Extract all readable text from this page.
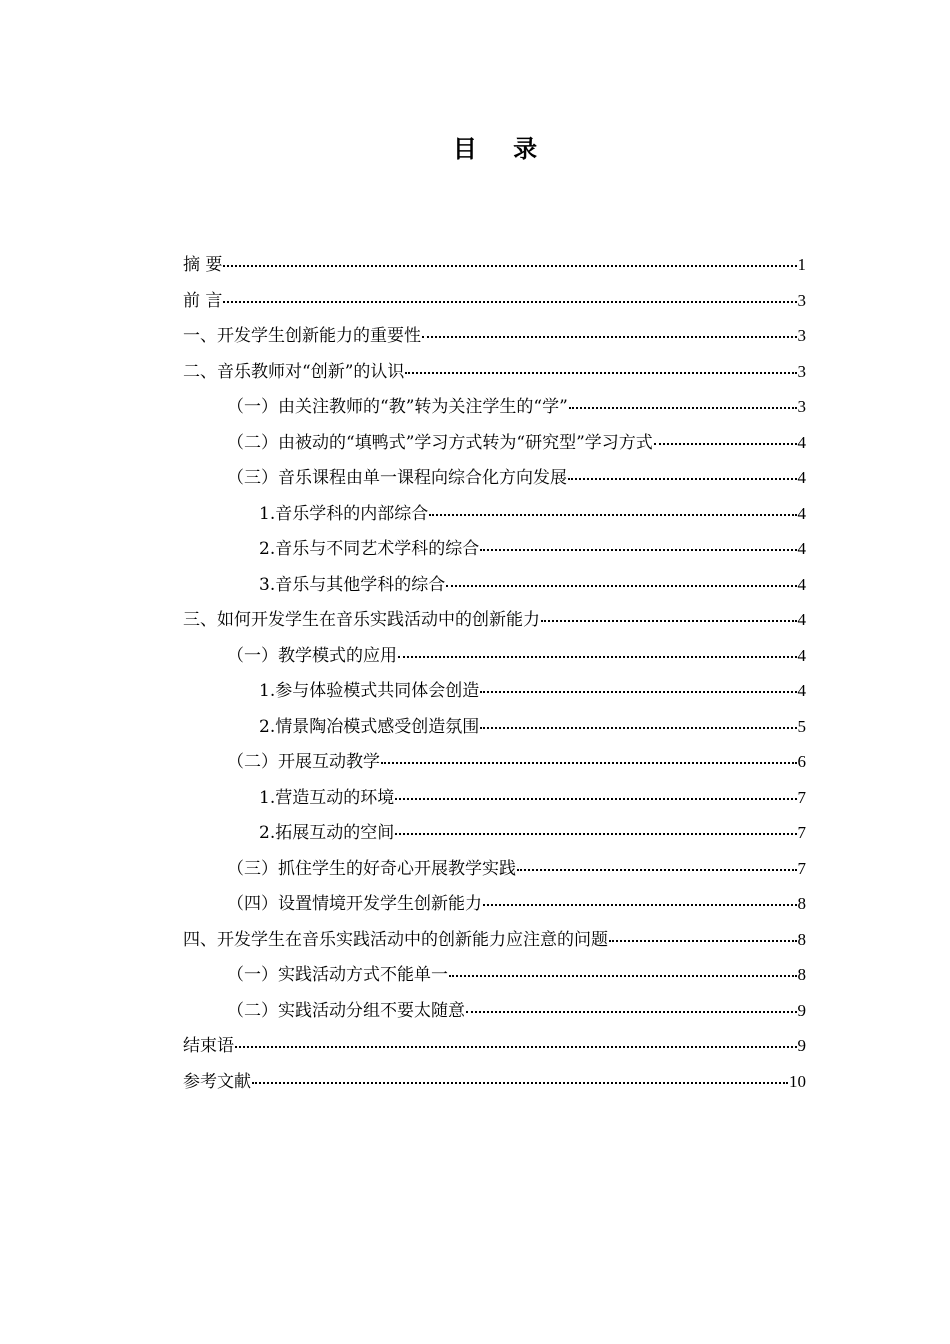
目 录
摘 要	1
前 言	3
一、开发学生创新能力的重要性	3
二、音乐教师对“创新”的认识	3
（一）由关注教师的“教”转为关注学生的“学”	3
（二）由被动的“填鸭式”学习方式转为“研究型”学习方式	4
（三）音乐课程由单一课程向综合化方向发展	4
1.音乐学科的内部综合	4
2.音乐与不同艺术学科的综合	4
3.音乐与其他学科的综合	4
三、如何开发学生在音乐实践活动中的创新能力	4
（一）教学模式的应用	4
1.参与体验模式共同体会创造	4
2.情景陶冶模式感受创造氛围	5
（二）开展互动教学	6
1.营造互动的环境	7
2.拓展互动的空间	7
（三）抓住学生的好奇心开展教学实践	7
（四）设置情境开发学生创新能力	8
四、开发学生在音乐实践活动中的创新能力应注意的问题	8
（一）实践活动方式不能单一	8
（二）实践活动分组不要太随意	9
结束语	9
参考文献	10
